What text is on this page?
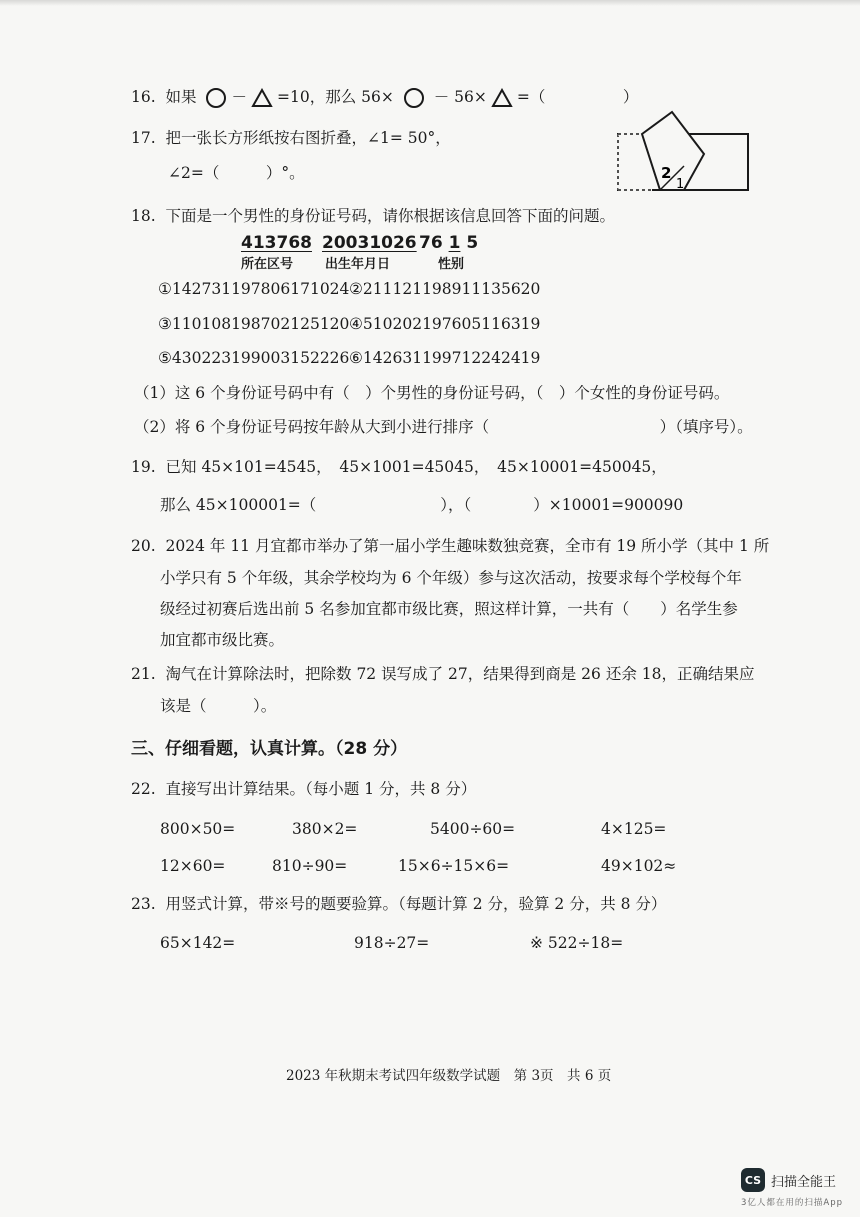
16. 如果 － =10，那么 56×	－ 56× =（　　　　　）
17. 把一张长方形纸按右图折叠，∠1= 50°，
∠2=（　　　）°。	2
1
18. 下面是一个男性的身份证号码，请你根据该信息回答下面的问题。
413768 20031026 76 1 5
所在区号 出生年月日	性别
①142731197806171024 ②211121198911135620
③110108198702125120 ④510202197605116319
⑤430223199003152226 ⑥142631199712242419
（1）这 6 个身份证号码中有（　）个男性的身份证号码，（　）个女性的身份证号码。
（2）将 6 个身份证号码按年龄从大到小进行排序（　　　　　　　　　　　）（填序号）。
19. 已知 45×101=4545，　45×1001=45045，　45×10001=450045，
那么 45×100001=（　　　　　　　　），（　　　　）×10001=900090
20. 2024 年 11 月宜都市举办了第一届小学生趣味数独竞赛，全市有 19 所小学（其中 1 所
小学只有 5 个年级，其余学校均为 6 个年级）参与这次活动，按要求每个学校每个年
级经过初赛后选出前 5 名参加宜都市级比赛，照这样计算，一共有（　　）名学生参
加宜都市级比赛。
21. 淘气在计算除法时，把除数 72 误写成了 27，结果得到商是 26 还余 18，正确结果应
该是（　　　）。
三、仔细看题，认真计算。（28 分）
22. 直接写出计算结果。（每小题 1 分，共 8 分）
800×50=	380×2=	5400÷60=	4×125=
12×60=	810÷90=	15×6÷15×6=	49×102≈
23. 用竖式计算，带※号的题要验算。（每题计算 2 分，验算 2 分，共 8 分）
65×142=	918÷27=	※ 522÷18=
2023 年秋期末考试四年级数学试题　第 3页　共 6 页
CS 扫描全能王
3亿人都在用的扫描App
